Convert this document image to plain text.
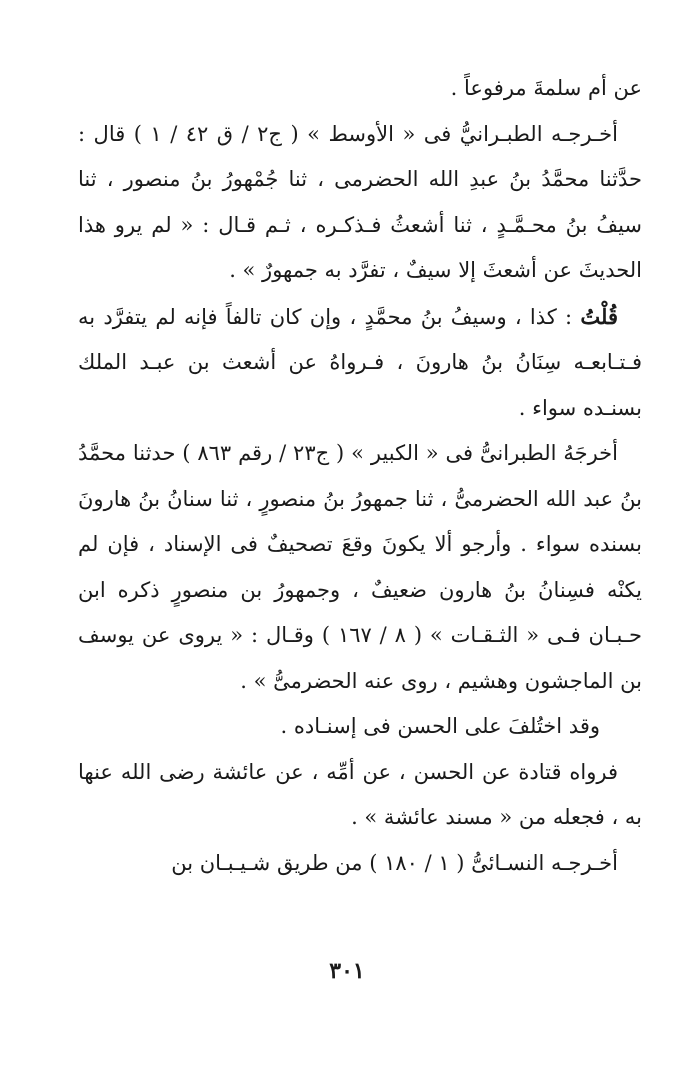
عن أم سلمةَ مرفوعاً .

أخـرجـه الطبـرانيُّ فى « الأوسط » ( ج٢ / ق ٤٢ / ١ ) قال : حدَّثنا محمَّدُ بنُ عبدِ الله الحضرمى ، ثنا جُمْهورُ بنُ منصور ، ثنا سيفُ بنُ محـمَّـدٍ ، ثنا أشعثُ فـذكـره ، ثـم قـال : « لم يرو هذا الحديثَ عن أشعثَ إلا سيفٌ ، تفرَّد به جمهورٌ » .

قُلْتُ : كذا ، وسيفُ بنُ محمَّدٍ ، وإن كان تالفاً فإنه لم يتفرَّد به فـتـابعـه سِنَانُ بنُ هارونَ ، فـرواهُ عن أشعث بن عبـد الملك بسنـده سواء .

أخرجَهُ الطبرانىُّ فى « الكبير » ( ج٢٣ / رقم ٨٦٣ ) حدثنا محمَّدُ بنُ عبد الله الحضرمىُّ ، ثنا جمهورُ بنُ منصورٍ ، ثنا سنانُ بنُ هارونَ بسنده سواء . وأرجو ألا يكونَ وقعَ تصحيفٌ فى الإسناد ، فإن لم يكنْه فسِنانُ بنُ هارون ضعيفٌ ، وجمهورُ بن منصورٍ ذكره ابن حـبـان فـى « الثـقـات » ( ٨ / ١٦٧ ) وقـال : « يروى عن يوسف بن الماجشون وهشيم ، روى عنه الحضرمىُّ » .

وقد اختُلفَ على الحسن فى إسنـاده .

فرواه قتادة عن الحسن ، عن أمِّه ، عن عائشة رضى الله عنها به ، فجعله من « مسند عائشة » .

أخـرجـه النسـائىُّ ( ١ / ١٨٠ ) من طريق شـيـبـان بن

٣٠١
